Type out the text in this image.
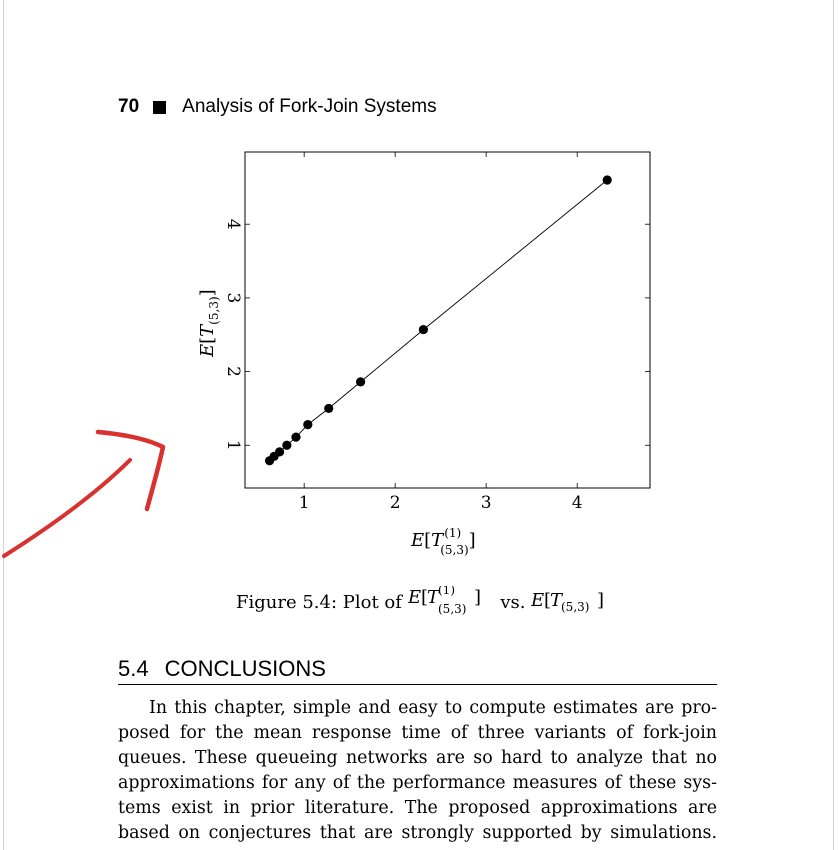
70 Analysis of Fork-Join Systems
1	2	3	4
1
2
3
4
$E[T^{(1)}$ (5,3)]
$E[T_{(5,3)}]$
Figure 5.4: Plot of E [
T
(1)
(5,3)
] vs. E [
T
(5,3) ]
5.4 CONCLUSIONS
In this chapter, simple and easy to compute estimates are pro-
posed for the mean response time of three variants of fork-join
queues. These queueing networks are so hard to analyze that no
approximations for any of the performance measures of these sys-
tems exist in prior literature. The proposed approximations are
based on conjectures that are strongly supported by simulations.
